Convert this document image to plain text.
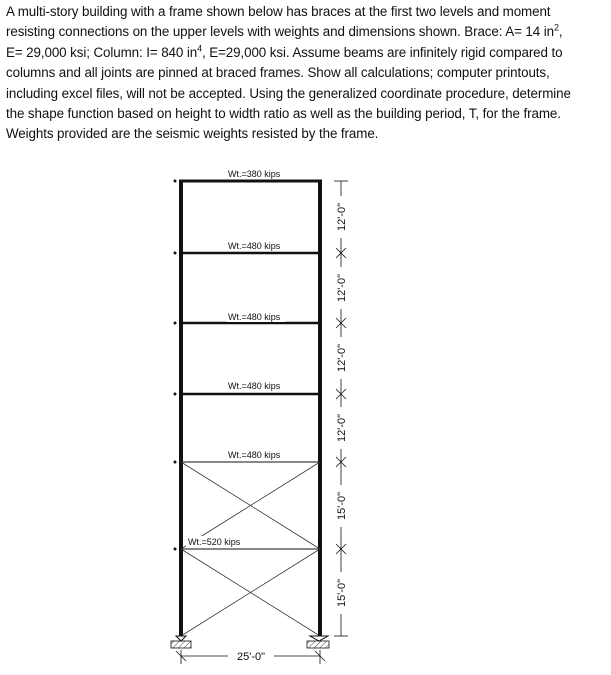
A multi-story building with a frame shown below has braces at the first two levels and moment

resisting connections on the upper levels with weights and dimensions shown. Brace: A= 14 $in^2$,

E= 29,000 ksi; Column: I= 840 $in^4$, E=29,000 ksi. Assume beams are infinitely rigid compared to

columns and all joints are pinned at braced frames. Show all calculations; computer printouts,

including excel files, will not be accepted. Using the generalized coordinate procedure, determine

the shape function based on height to width ratio as well as the building period, T, for the frame.

Weights provided are the seismic weights resisted by the frame.

Wt.=380 kips
Wt.=480 kips
Wt.=480 kips
Wt.=480 kips
Wt.=480 kips
Wt.=520 kips
12'-0"
12'-0"
12'-0"
12'-0"
15'-0"
15'-0"
25'-0"
